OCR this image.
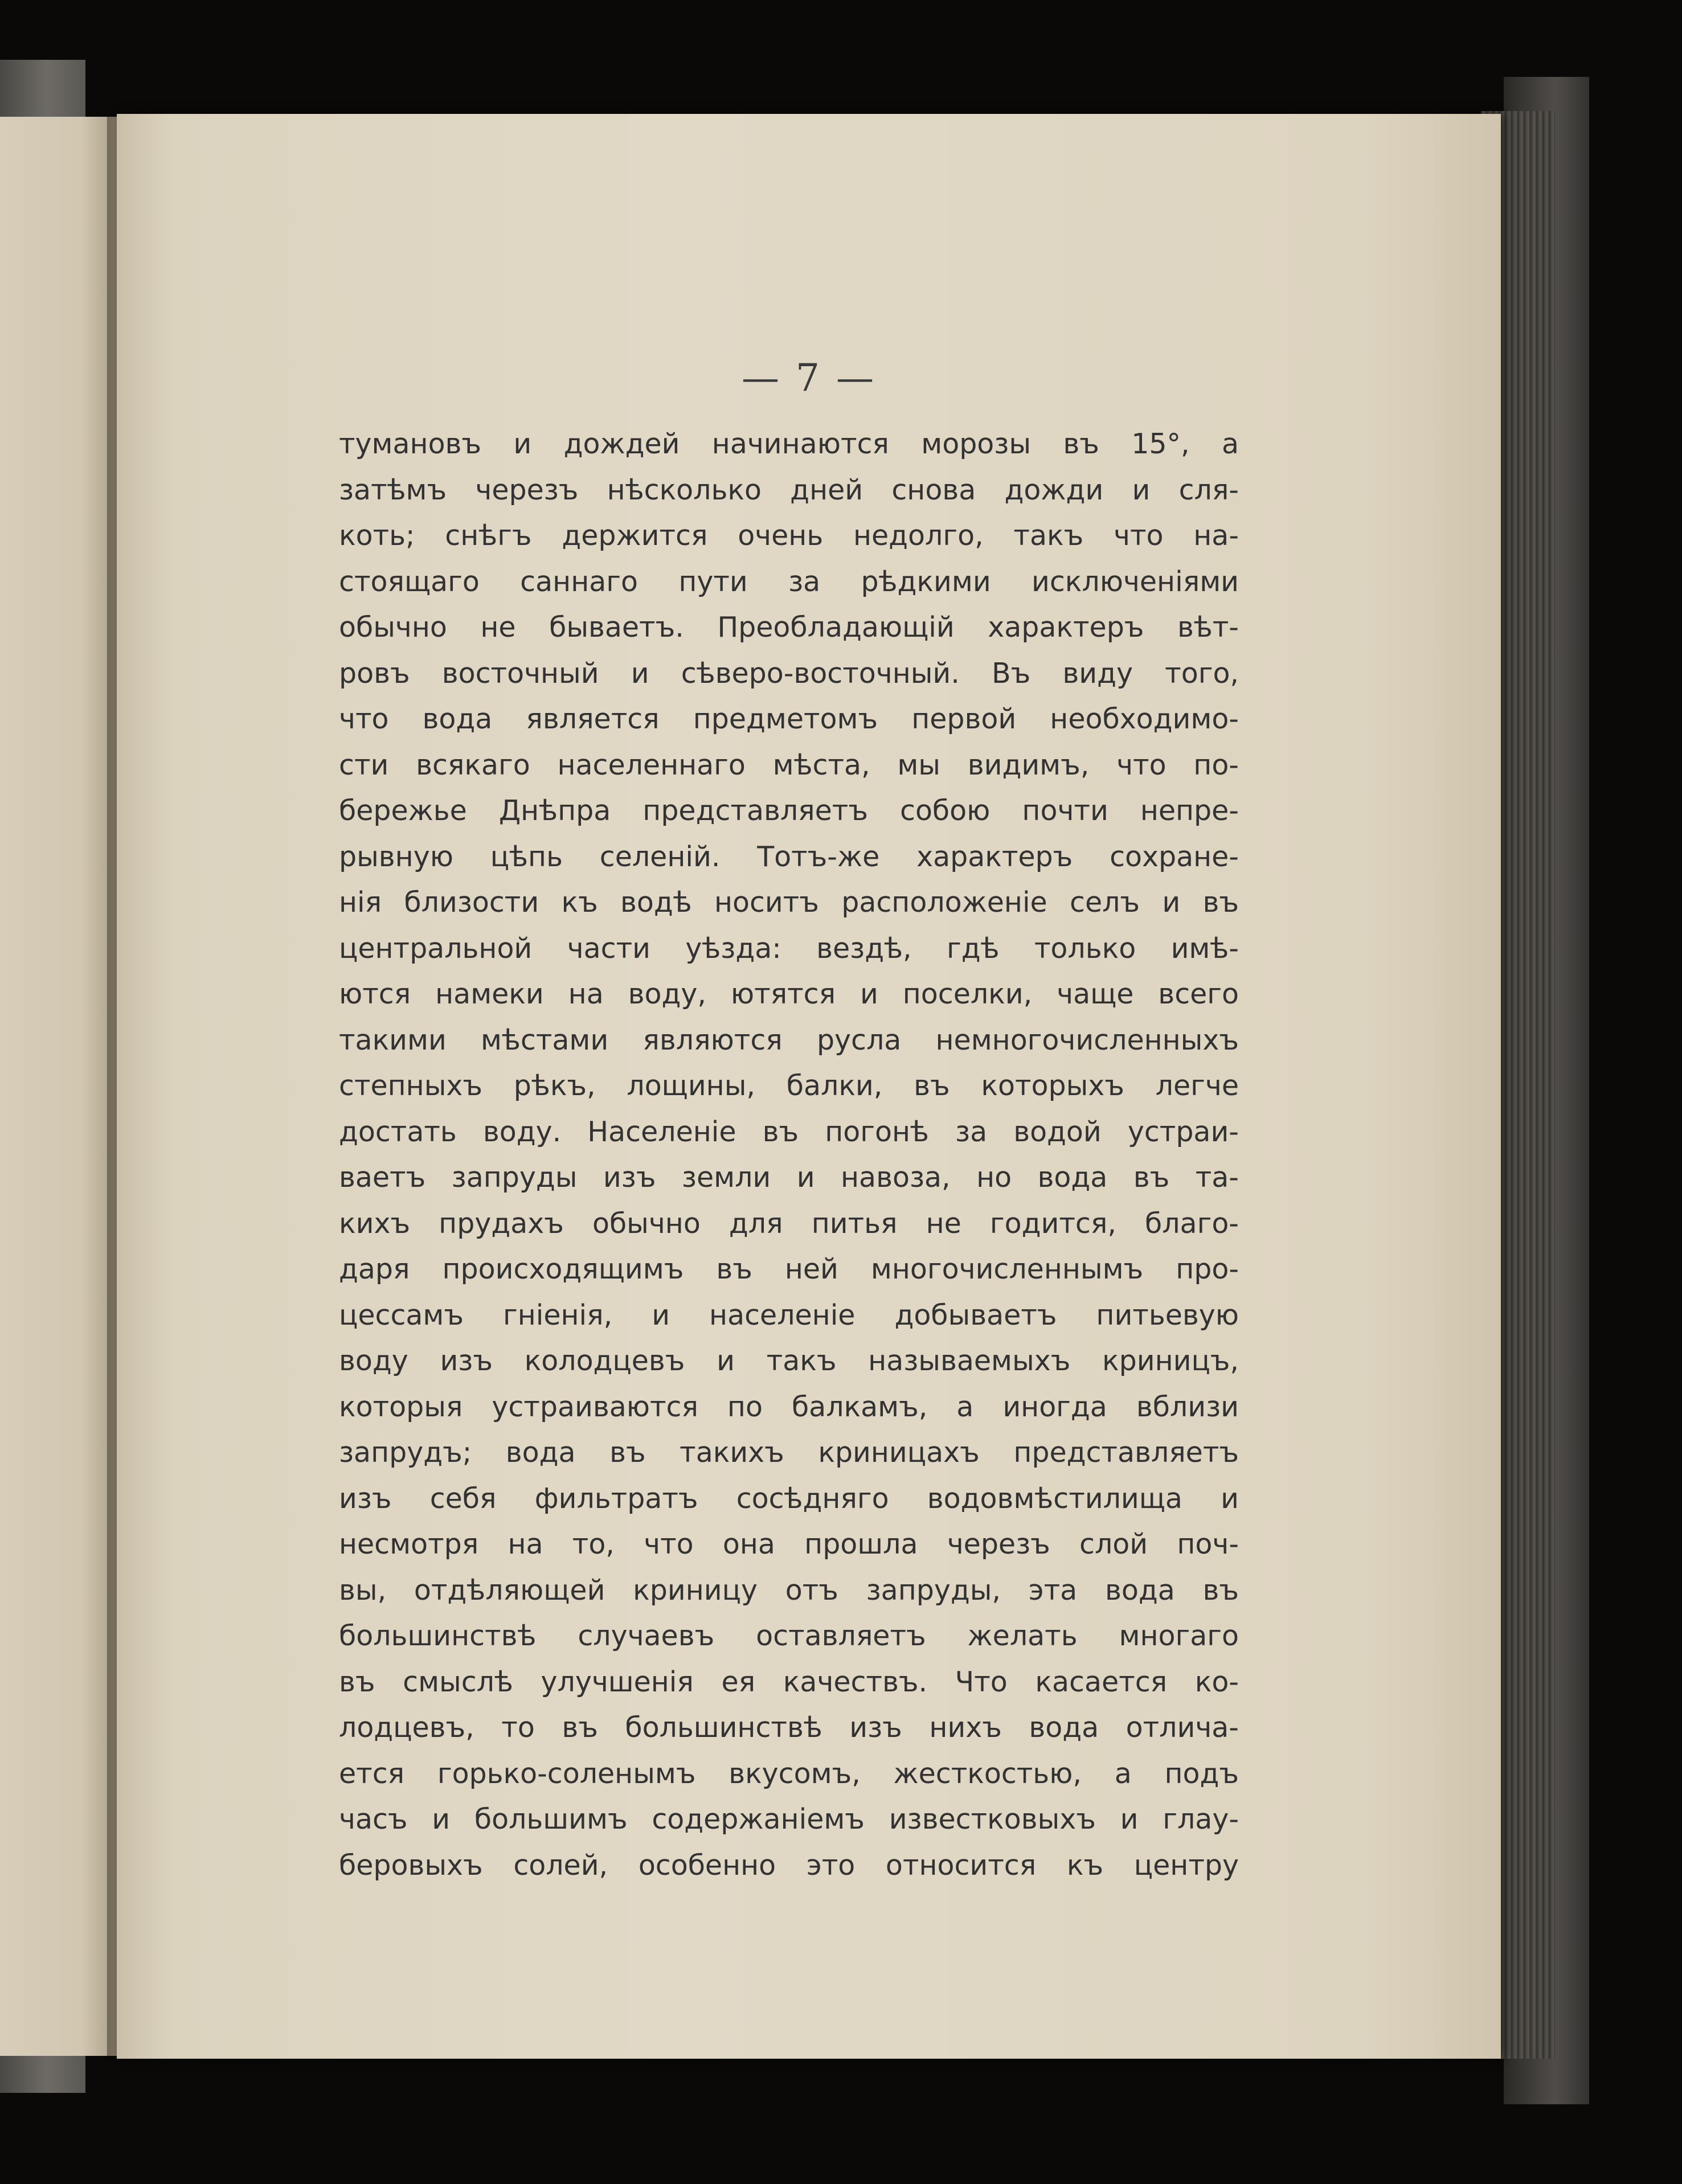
— 7 —
тумановъ и дождей начинаются морозы въ 15°, а
затѣмъ черезъ нѣсколько дней снова дожди и сля-
коть; снѣгъ держится очень недолго, такъ что на-
стоящаго саннаго пути за рѣдкими исключеніями
обычно не бываетъ. Преобладающій характеръ вѣт-
ровъ восточный и сѣверо-восточный. Въ виду того,
что вода является предметомъ первой необходимо-
сти всякаго населеннаго мѣста, мы видимъ, что по-
бережье Днѣпра представляетъ собою почти непре-
рывную цѣпь селеній. Тотъ-же характеръ сохране-
нія близости къ водѣ носитъ расположеніе селъ и въ
центральной части уѣзда: вездѣ, гдѣ только имѣ-
ются намеки на воду, ютятся и поселки, чаще всего
такими мѣстами являются русла немногочисленныхъ
степныхъ рѣкъ, лощины, балки, въ которыхъ легче
достать воду. Населеніе въ погонѣ за водой устраи-
ваетъ запруды изъ земли и навоза, но вода въ та-
кихъ прудахъ обычно для питья не годится, благо-
даря происходящимъ въ ней многочисленнымъ про-
цессамъ гніенія, и населеніе добываетъ питьевую
воду изъ колодцевъ и такъ называемыхъ криницъ,
которыя устраиваются по балкамъ, а иногда вблизи
запрудъ; вода въ такихъ криницахъ представляетъ
изъ себя фильтратъ сосѣдняго водовмѣстилища и
несмотря на то, что она прошла черезъ слой поч-
вы, отдѣляющей криницу отъ запруды, эта вода въ
большинствѣ случаевъ оставляетъ желать многаго
въ смыслѣ улучшенія ея качествъ. Что касается ко-
лодцевъ, то въ большинствѣ изъ нихъ вода отлича-
ется горько-соленымъ вкусомъ, жесткостью, а подъ
часъ и большимъ содержаніемъ известковыхъ и глау-
беровыхъ солей, особенно это относится къ центру
